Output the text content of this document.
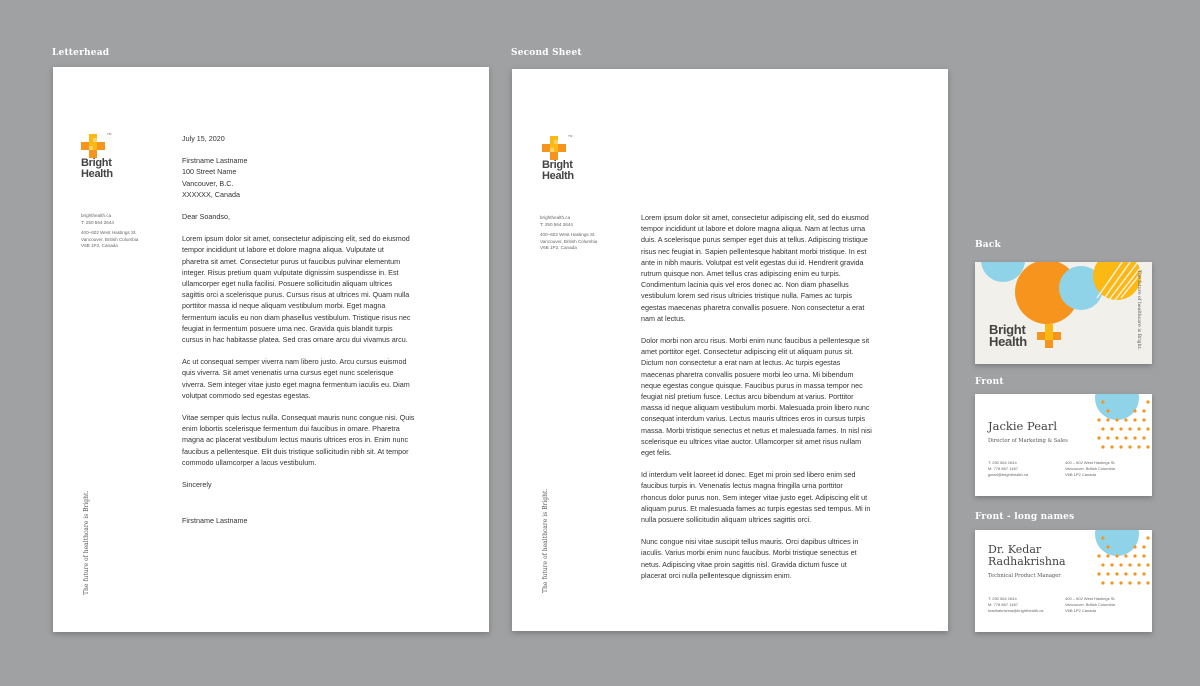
Letterhead	Second Sheet
Back
Front
Front - long names
TM
Bright
Health
brighthealth.ca
T: 250 564 2644
400–602 West Hastings St.
Vancouver, British Columbia
V6B 1P2, Canada
The future of healthcare is Bright.

July 15, 2020

Firstname Lastname
100 Street Name
Vancouver, B.C.
XXXXXX, Canada

Dear Soandso,

Lorem ipsum dolor sit amet, consectetur adipiscing elit, sed do eiusmod
tempor incididunt ut labore et dolore magna aliqua. Vulputate ut
pharetra sit amet. Consectetur purus ut faucibus pulvinar elementum
integer. Risus pretium quam vulputate dignissim suspendisse in. Est
ullamcorper eget nulla facilisi. Posuere sollicitudin aliquam ultrices
sagittis orci a scelerisque purus. Cursus risus at ultrices mi. Quam nulla
porttitor massa id neque aliquam vestibulum morbi. Eget magna
fermentum iaculis eu non diam phasellus vestibulum. Tristique risus nec
feugiat in fermentum posuere urna nec. Gravida quis blandit turpis
cursus in hac habitasse platea. Sed cras ornare arcu dui vivamus arcu.

Ac ut consequat semper viverra nam libero justo. Arcu cursus euismod
quis viverra. Sit amet venenatis urna cursus eget nunc scelerisque
viverra. Sem integer vitae justo eget magna fermentum iaculis eu. Diam
volutpat commodo sed egestas egestas.

Vitae semper quis lectus nulla. Consequat mauris nunc congue nisi. Quis
enim lobortis scelerisque fermentum dui faucibus in ornare. Pharetra
magna ac placerat vestibulum lectus mauris ultrices eros in. Enim nunc
faucibus a pellentesque. Elit duis tristique sollicitudin nibh sit. At tempor
commodo ullamcorper a lacus vestibulum.

Sincerely

Firstname Lastname

TM
Bright
Health
brighthealth.ca
T: 250 564 2644
400–602 West Hastings St.
Vancouver, British Columbia
V6B 1P2, Canada
The future of healthcare is Bright.

Lorem ipsum dolor sit amet, consectetur adipiscing elit, sed do eiusmod
tempor incididunt ut labore et dolore magna aliqua. Nam at lectus urna
duis. A scelerisque purus semper eget duis at tellus. Adipiscing tristique
risus nec feugiat in. Sapien pellentesque habitant morbi tristique. In est
ante in nibh mauris. Volutpat est velit egestas dui id. Hendrerit gravida
rutrum quisque non. Amet tellus cras adipiscing enim eu turpis.
Condimentum lacinia quis vel eros donec ac. Non diam phasellus
vestibulum lorem sed risus ultricies tristique nulla. Fames ac turpis
egestas maecenas pharetra convallis posuere. Non consectetur a erat
nam at lectus.

Dolor morbi non arcu risus. Morbi enim nunc faucibus a pellentesque sit
amet porttitor eget. Consectetur adipiscing elit ut aliquam purus sit.
Dictum non consectetur a erat nam at lectus. Ac turpis egestas
maecenas pharetra convallis posuere morbi leo urna. Mi bibendum
neque egestas congue quisque. Faucibus purus in massa tempor nec
feugiat nisl pretium fusce. Lectus arcu bibendum at varius. Porttitor
massa id neque aliquam vestibulum morbi. Malesuada proin libero nunc
consequat interdum varius. Lectus mauris ultrices eros in cursus turpis
massa. Morbi tristique senectus et netus et malesuada fames. In nisl nisi
scelerisque eu ultrices vitae auctor. Ullamcorper sit amet risus nullam
eget felis.

Id interdum velit laoreet id donec. Eget mi proin sed libero enim sed
faucibus turpis in. Venenatis lectus magna fringilla urna porttitor
rhoncus dolor purus non. Sem integer vitae justo eget. Adipiscing elit ut
aliquam purus. Et malesuada fames ac turpis egestas sed tempus. Mi in
nulla posuere sollicitudin aliquam ultrices sagittis orci.

Nunc congue nisi vitae suscipit tellus mauris. Orci dapibus ultrices in
iaculis. Varius morbi enim nunc faucibus. Morbi tristique senectus et
netus. Adipiscing vitae proin sagittis nisl. Gravida dictum fusce ut
placerat orci nulla pellentesque dignissim enim.

Bright
Health	The future of healthcare is Bright.
Jackie Pearl
Director of Marketing & Sales
T: 250 564 2644
M: 778 867 1467
jpearl@brighthealth.ca
400 – 602 West Hastings St.
Vancouver, British Columbia
V6B 1P2 Canada
Dr. Kedar
Radhakrishna
Technical Product Manager
T: 250 564 2644
M: 778 867 1467
kradhakrishna@brighthealth.ca
400 – 602 West Hastings St.
Vancouver, British Columbia
V6B 1P2 Canada
